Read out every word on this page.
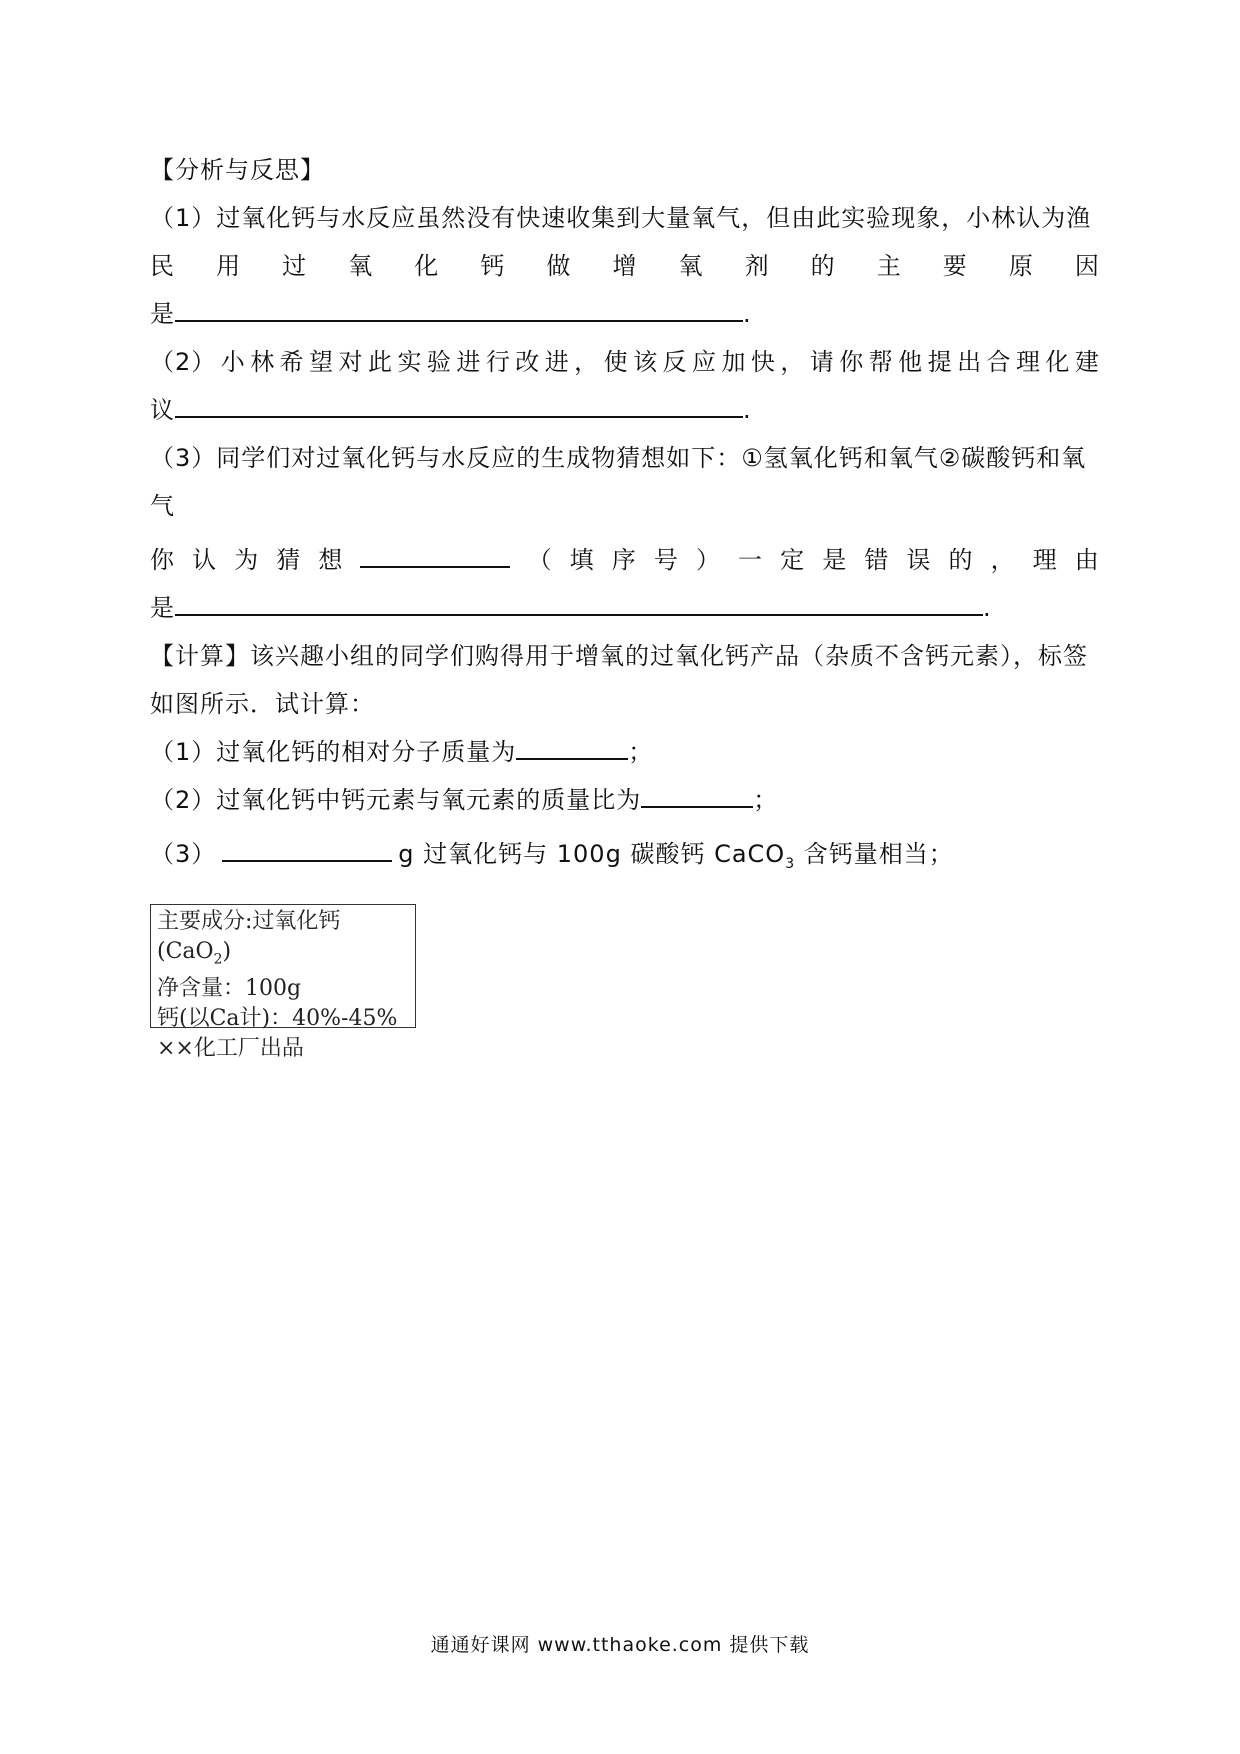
【分析与反思】
（1）过氧化钙与水反应虽然没有快速收集到大量氧气，但由此实验现象，小林认为渔
民 用 过 氧 化 钙 做 增 氧 剂 的 主 要 原 因
是	.
（2） 小 林 希 望 对 此 实 验 进 行 改 进 ， 使 该 反 应 加 快 ， 请 你 帮 他 提 出 合 理 化 建
议	.
（3）同学们对过氧化钙与水反应的生成物猜想如下：①氢氧化钙和氧气②碳酸钙和氧
气
你 认 为 猜 想	（ 填 序 号 ） 一 定 是 错 误 的 ， 理 由
是	.
【计算】该兴趣小组的同学们购得用于增氧的过氧化钙产品（杂质不含钙元素），标签
如图所示．试计算：
（1）过氧化钙的相对分子质量为	；
（2）过氧化钙中钙元素与氧元素的质量比为	；
（3）	g 过氧化钙与 100g 碳酸钙 CaCO$_3$ 含钙量相当；
主要成分:过氧化钙(CaO$_2$)
净含量：100g
钙(以Ca计)：40%-45%
××化工厂出品
通通好课网 www.tthaoke.com 提供下载
